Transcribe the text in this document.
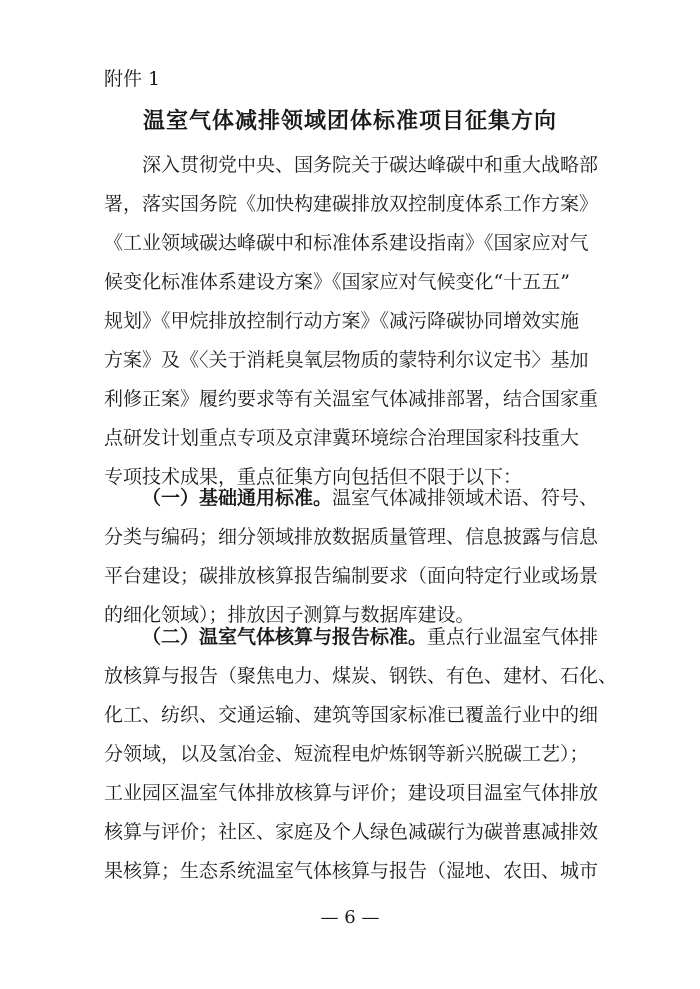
附件 1
温室气体减排领域团体标准项目征集方向
深入贯彻党中央、国务院关于碳达峰碳中和重大战略部
署，落实国务院《加快构建碳排放双控制度体系工作方案》
《工业领域碳达峰碳中和标准体系建设指南》《国家应对气
候变化标准体系建设方案》《国家应对气候变化“十五五”
规划》《甲烷排放控制行动方案》《减污降碳协同增效实施
方案》及《〈关于消耗臭氧层物质的蒙特利尔议定书〉基加
利修正案》履约要求等有关温室气体减排部署，结合国家重
点研发计划重点专项及京津冀环境综合治理国家科技重大
专项技术成果，重点征集方向包括但不限于以下：
（一）基础通用标准。温室气体减排领域术语、符号、
分类与编码；细分领域排放数据质量管理、信息披露与信息
平台建设；碳排放核算报告编制要求（面向特定行业或场景
的细化领域）；排放因子测算与数据库建设。
（二）温室气体核算与报告标准。重点行业温室气体排
放核算与报告（聚焦电力、煤炭、钢铁、有色、建材、石化、
化工、纺织、交通运输、建筑等国家标准已覆盖行业中的细
分领域，以及氢冶金、短流程电炉炼钢等新兴脱碳工艺）；
工业园区温室气体排放核算与评价；建设项目温室气体排放
核算与评价；社区、家庭及个人绿色减碳行为碳普惠减排效
果核算；生态系统温室气体核算与报告（湿地、农田、城市
— 6 —
